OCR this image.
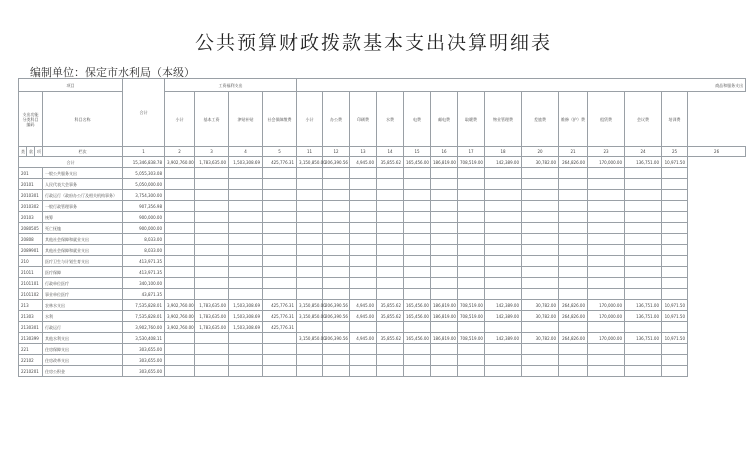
公共预算财政拨款基本支出决算明细表
编制单位：保定市水利局（本级）
项目				合计	工资福利支出				商品和服务支出													
支出功能分类科目编码			科目名称		小计	基本工资	津贴补贴	社会保障缴费	小计	办公费	印刷费	水费	电费	邮电费	取暖费	物业管理费	差旅费	维修（护）费	租赁费	会议费	培训费	
类	款	项	栏次	1	2	3	4	5	11	12	13	14	15	16	17	18	20	21	23	24	25	26
合计				15,346,838.78	3,902,760.00	1,783,635.00	1,503,308.69	425,776.31	3,150,850.00	206,390.56	4,945.00	35,855.62	165,456.00	186,819.00	708,519.00	142,389.00	30,782.00	264,826.00	170,000.00	136,751.00	10,971.50	
201			一般公共服务支出	5,055,303.08																		
20101			人民代表大会事务	5,050,000.00																		
2010301			行政运行（政府办公厅及相关机构事务）	3,754,300.00																		
2010302			一般行政管理事务	907,356.98																		
20103			统筹	900,000.00																		
2080505			死亡抚恤	900,000.00																		
20808			其他社会保障和就业支出	8,033.00																		
2089901			其他社会保障和就业支出	8,033.00																		
210			医疗卫生与计划生育支出	413,971.35																		
21011			医疗保障	413,971.35																		
2101101			行政单位医疗	340,100.00																		
2101102			事业单位医疗	43,871.35																		
213			农林水支出	7,535,828.01	3,902,760.00	1,783,635.00	1,503,308.69	425,776.31	3,150,850.00	206,390.56	4,945.00	35,855.62	165,456.00	186,819.00	708,519.00	142,389.00	30,782.00	264,826.00	170,000.00	136,751.00	10,971.50	
21303			水利	7,535,828.01	3,902,760.00	1,783,635.00	1,503,308.69	425,776.31	3,150,850.00	206,390.56	4,945.00	35,855.62	165,456.00	186,819.00	708,519.00	142,389.00	30,782.00	264,826.00	170,000.00	136,751.00	10,971.50	
2130301			行政运行	3,902,760.00	3,902,760.00	1,783,635.00	1,503,308.69	425,776.31														
2130399			其他水利支出	3,530,408.11					3,150,850.00	206,390.56	4,945.00	35,855.62	165,456.00	186,819.00	708,519.00	142,389.00	30,782.00	264,826.00	170,000.00	136,751.00	10,971.50	
221			住房保障支出	303,655.00																		
22102			住房改革支出	303,655.00																		
2210201			住房公积金	303,655.00																		
